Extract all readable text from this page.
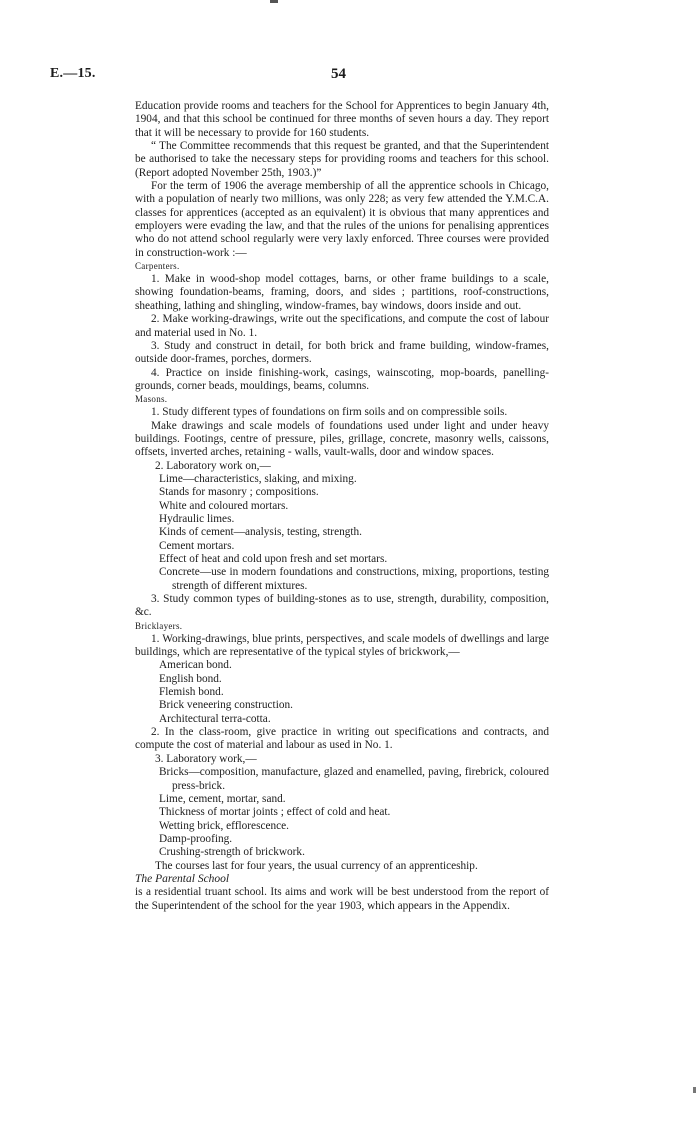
E.—15.	54

Education provide rooms and teachers for the School for Apprentices to begin January 4th, 1904, and that this school be continued for three months of seven hours a day. They report that it will be necessary to provide for 160 students.

“ The Committee recommends that this request be granted, and that the Superintendent be authorised to take the necessary steps for providing rooms and teachers for this school. (Report adopted November 25th, 1903.)”

For the term of 1906 the average membership of all the apprentice schools in Chicago, with a population of nearly two millions, was only 228; as very few attended the Y.M.C.A. classes for apprentices (accepted as an equivalent) it is obvious that many apprentices and employers were evading the law, and that the rules of the unions for penalising apprentices who do not attend school regularly were very laxly enforced. Three courses were provided in construction-work :—

Carpenters.

1. Make in wood-shop model cottages, barns, or other frame buildings to a scale, showing foundation-beams, framing, doors, and sides ; partitions, roof-constructions, sheathing, lathing and shingling, window-frames, bay windows, doors inside and out.

2. Make working-drawings, write out the specifications, and compute the cost of labour and material used in No. 1.

3. Study and construct in detail, for both brick and frame building, window-frames, outside door-frames, porches, dormers.

4. Practice on inside finishing-work, casings, wainscoting, mop-boards, panelling-grounds, corner beads, mouldings, beams, columns.

Masons.

1. Study different types of foundations on firm soils and on compressible soils.

Make drawings and scale models of foundations used under light and under heavy buildings. Footings, centre of pressure, piles, grillage, concrete, masonry wells, caissons, offsets, inverted arches, retaining - walls, vault-walls, door and window spaces.

2. Laboratory work on,—

Lime—characteristics, slaking, and mixing.

Stands for masonry ; compositions.

White and coloured mortars.

Hydraulic limes.

Kinds of cement—analysis, testing, strength.

Cement mortars.

Effect of heat and cold upon fresh and set mortars.

Concrete—use in modern foundations and constructions, mixing, proportions, testing strength of different mixtures.

3. Study common types of building-stones as to use, strength, durability, composition, &c.

Bricklayers.

1. Working-drawings, blue prints, perspectives, and scale models of dwellings and large buildings, which are representative of the typical styles of brickwork,—

American bond.

English bond.

Flemish bond.

Brick veneering construction.

Architectural terra-cotta.

2. In the class-room, give practice in writing out specifications and contracts, and compute the cost of material and labour as used in No. 1.

3. Laboratory work,—

Bricks—composition, manufacture, glazed and enamelled, paving, firebrick, coloured press-brick.

Lime, cement, mortar, sand.

Thickness of mortar joints ; effect of cold and heat.

Wetting brick, efflorescence.

Damp-proofing.

Crushing-strength of brickwork.

The courses last for four years, the usual currency of an apprenticeship.

The Parental School

is a residential truant school. Its aims and work will be best understood from the report of the Superintendent of the school for the year 1903, which appears in the Appendix.
